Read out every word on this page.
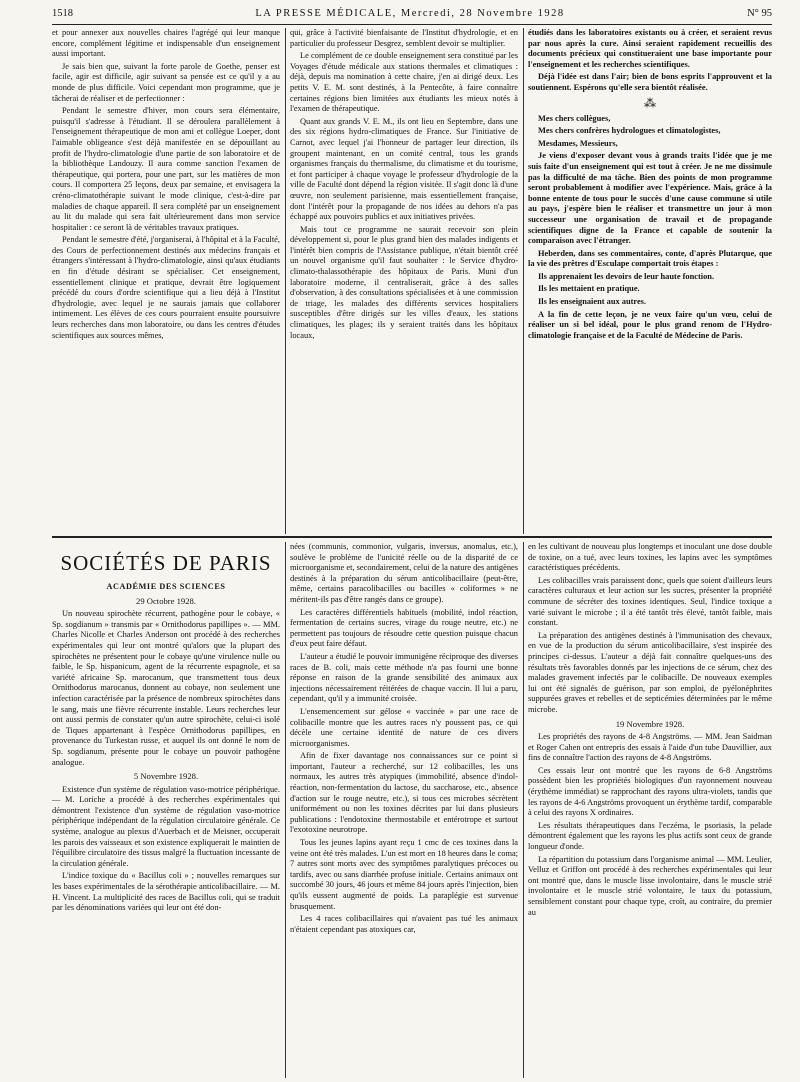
1518	LA PRESSE MÉDICALE, Mercredi, 28 Novembre 1928	N° 95

et pour annexer aux nouvelles chaires l'agrégé qui leur manque encore, complément légitime et indispensable d'un enseignement aussi important.

Je sais bien que, suivant la forte parole de Goethe, penser est facile, agir est difficile, agir suivant sa pensée est ce qu'il y a au monde de plus difficile. Voici cependant mon programme, que je tâcherai de réaliser et de perfectionner :

Pendant le semestre d'hiver, mon cours sera élémentaire, puisqu'il s'adresse à l'étudiant. Il se déroulera parallèlement à l'enseignement thérapeutique de mon ami et collègue Loeper, dont l'aimable obligeance s'est déjà manifestée en se dépouillant au profit de l'hydro-climatologie d'une partie de son laboratoire et de la bibliothèque Landouzy. Il aura comme sanction l'examen de thérapeutique, qui portera, pour une part, sur les matières de mon cours. Il comportera 25 leçons, deux par semaine, et envisagera la créno-climatothérapie suivant le mode clinique, c'est-à-dire par maladies de chaque appareil. Il sera complété par un enseignement au lit du malade qui sera fait ultérieurement dans mon service hospitalier : ce seront là de véritables travaux pratiques.

Pendant le semestre d'été, j'organiserai, à l'hôpital et à la Faculté, des Cours de perfectionnement destinés aux médecins français et étrangers s'intéressant à l'hydro-climatologie, ainsi qu'aux étudiants en fin d'étude désirant se spécialiser. Cet enseignement, essentiellement clinique et pratique, devrait être logiquement précédé du cours d'ordre scientifique qui a lieu déjà à l'Institut d'hydrologie, avec lequel je ne saurais jamais que collaborer intimement. Les élèves de ces cours pourraient ensuite poursuivre leurs recherches dans mon laboratoire, ou dans les centres d'études scientifiques aux sources mêmes,

qui, grâce à l'activité bienfaisante de l'Institut d'hydrologie, et en particulier du professeur Desgrez, semblent devoir se multiplier.

Le complément de ce double enseignement sera constitué par les Voyages d'étude médicale aux stations thermales et climatiques : déjà, depuis ma nomination à cette chaire, j'en ai dirigé deux. Les petits V. E. M. sont destinés, à la Pentecôte, à faire connaître certaines régions bien limitées aux étudiants les mieux notés à l'examen de thérapeutique.

Quant aux grands V. E. M., ils ont lieu en Septembre, dans une des six régions hydro-climatiques de France. Sur l'initiative de Carnot, avec lequel j'ai l'honneur de partager leur direction, ils groupent maintenant, en un comité central, tous les grands organismes français du thermalisme, du climatisme et du tourisme, et font participer à chaque voyage le professeur d'hydrologie de la ville de Faculté dont dépend la région visitée. Il s'agit donc là d'une œuvre, non seulement parisienne, mais essentiellement française, dont l'intérêt pour la propagande de nos idées au dehors n'a pas échappé aux pouvoirs publics et aux initiatives privées.

Mais tout ce programme ne saurait recevoir son plein développement si, pour le plus grand bien des malades indigents et l'intérêt bien compris de l'Assistance publique, n'était bientôt créé un nouvel organisme qu'il faut souhaiter : le Service d'hydro-climato-thalassothérapie des hôpitaux de Paris. Muni d'un laboratoire moderne, il centraliserait, grâce à des salles d'observation, à des consultations spécialisées et à une commission de triage, les malades des différents services hospitaliers susceptibles d'être dirigés sur les villes d'eaux, les stations climatiques, les plages; ils y seraient traités dans les hôpitaux locaux,

étudiés dans les laboratoires existants ou à créer, et seraient revus par nous après la cure. Ainsi seraient rapidement recueillis des documents précieux qui constitueraient une base importante pour l'enseignement et les recherches scientifiques.

Déjà l'idée est dans l'air; bien de bons esprits l'approuvent et la soutiennent. Espérons qu'elle sera bientôt réalisée.

⁂

Mes chers collègues,

Mes chers confrères hydrologues et climatologistes,

Mesdames, Messieurs,

Je viens d'exposer devant vous à grands traits l'idée que je me suis faite d'un enseignement qui est tout à créer. Je ne me dissimule pas la difficulté de ma tâche. Bien des points de mon programme seront probablement à modifier avec l'expérience. Mais, grâce à la bonne entente de tous pour le succès d'une cause commune si utile au pays, j'espère bien le réaliser et transmettre un jour à mon successeur une organisation de travail et de propagande scientifiques digne de la France et capable de soutenir la comparaison avec l'étranger.

Heberden, dans ses commentaires, conte, d'après Plutarque, que la vie des prêtres d'Esculape comportait trois étapes :

Ils apprenaient les devoirs de leur haute fonction.

Ils les mettaient en pratique.

Ils les enseignaient aux autres.

A la fin de cette leçon, je ne veux faire qu'un vœu, celui de réaliser un si bel idéal, pour le plus grand renom de l'Hydro-climatologie française et de la Faculté de Médecine de Paris.

SOCIÉTÉS DE PARIS
ACADÉMIE DES SCIENCES
29 Octobre 1928.

Un nouveau spirochète récurrent, pathogène pour le cobaye, « Sp. sogdianum » transmis par « Ornithodorus papillipes ». — MM. Charles Nicolle et Charles Anderson ont procédé à des recherches expérimentales qui leur ont montré qu'alors que la plupart des spirochètes ne présentent pour le cobaye qu'une virulence nulle ou faible, le Sp. hispanicum, agent de la récurrente espagnole, et sa variété africaine Sp. marocanum, que transmettent tous deux Ornithodorus marocanus, donnent au cobaye, non seulement une infection caractérisée par la présence de nombreux spirochètes dans le sang, mais une fièvre récurrente instable. Leurs recherches leur ont aussi permis de constater qu'un autre spirochète, celui-ci isolé de Tiques appartenant à l'espèce Ornithodorus papillipes, en provenance du Turkestan russe, et auquel ils ont donné le nom de Sp. sogdianum, présente pour le cobaye un pouvoir pathogène analogue.

5 Novembre 1928.

Existence d'un système de régulation vaso-motrice périphérique. — M. Loriche a procédé à des recherches expérimentales qui démontrent l'existence d'un système de régulation vaso-motrice périphérique indépendant de la régulation circulatoire générale. Ce système, analogue au plexus d'Auerbach et de Meisner, occuperait les parois des vaisseaux et son existence expliquerait le maintien de l'équilibre circulatoire des tissus malgré la fluctuation incessante de la circulation générale.

L'indice toxique du « Bacillus coli » ; nouvelles remarques sur les bases expérimentales de la sérothérapie anticolibacillaire. — M. H. Vincent. La multiplicité des races de Bacillus coli, qui se traduit par les dénominations variées qui leur ont été don-

nées (communis, commonior, vulgaris, inversus, anomalus, etc.), soulève le problème de l'unicité réelle ou de la disparité de ce microorganisme et, secondairement, celui de la nature des antigènes destinés à la préparation du sérum anticolibacillaire (peut-être, même, certains paracolibacilles ou bacilles « coliformes » ne méritent-ils pas d'être rangés dans ce groupe).

Les caractères différentiels habituels (mobilité, indol réaction, fermentation de certains sucres, virage du rouge neutre, etc.) ne permettent pas toujours de résoudre cette question puisque chacun d'eux peut faire défaut.

L'auteur a étudié le pouvoir immunigène réciproque des diverses races de B. coli, mais cette méthode n'a pas fourni une bonne réponse en raison de la grande sensibilité des animaux aux injections nécessairement réitérées de chaque vaccin. Il lui a paru, cependant, qu'il y a immunité croisée.

L'ensemencement sur gélose « vaccinée » par une race de colibacille montre que les autres races n'y poussent pas, ce qui décèle une certaine identité de nature de ces divers microorganismes.

Afin de fixer davantage nos connaissances sur ce point si important, l'auteur a recherché, sur 12 colibacilles, les uns normaux, les autres très atypiques (immobilité, absence d'indol-réaction, non-fermentation du lactose, du saccharose, etc., absence d'action sur le rouge neutre, etc.), si tous ces microbes sécrètent uniformément ou non les toxines décrites par lui dans plusieurs publications : l'endotoxine thermostabile et entérotrope et surtout l'exotoxine neurotrope.

Tous les jeunes lapins ayant reçu 1 cmc de ces toxines dans la veine ont été très malades. L'un est mort en 18 heures dans le coma; 7 autres sont morts avec des symptômes paralytiques précoces ou tardifs, avec ou sans diarrhée profuse initiale. Certains animaux ont succombé 30 jours, 46 jours et même 84 jours après l'injection, bien qu'ils eussent augmenté de poids. La paraplégie est survenue brusquement.

Les 4 races colibacillaires qui n'avaient pas tué les animaux n'étaient cependant pas atoxiques car,

en les cultivant de nouveau plus longtemps et inoculant une dose double de toxine, on a tué, avec leurs toxines, les lapins avec les symptômes caractéristiques précédents.

Les colibacilles vrais paraissent donc, quels que soient d'ailleurs leurs caractères culturaux et leur action sur les sucres, présenter la propriété commune de sécréter des toxines identiques. Seul, l'indice toxique a varié suivant le microbe ; il a été tantôt très élevé, tantôt faible, mais constant.

La préparation des antigènes destinés à l'immunisation des chevaux, en vue de la production du sérum anticolibacillaire, s'est inspirée des principes ci-dessus. L'auteur a déjà fait connaître quelques-uns des résultats très favorables donnés par les injections de ce sérum, chez des malades gravement infectés par le colibacille. De nouveaux exemples lui ont été signalés de guérison, par son emploi, de pyélonéphrites suppurées graves et rebelles et de septicémies déterminées par le même microbe.

19 Novembre 1928.

Les propriétés des rayons de 4-8 Angströms. — MM. Jean Saidman et Roger Cahen ont entrepris des essais à l'aide d'un tube Dauvillier, aux fins de connaître l'action des rayons de 4-8 Angströms.

Ces essais leur ont montré que les rayons de 6-8 Angströms possèdent bien les propriétés biologiques d'un rayonnement nouveau (érythème immédiat) se rapprochant des rayons ultra-violets, tandis que les rayons de 4-6 Angströms provoquent un érythème tardif, comparable à celui des rayons X ordinaires.

Les résultats thérapeutiques dans l'eczéma, le psoriasis, la pelade démontrent également que les rayons les plus actifs sont ceux de grande longueur d'onde.

La répartition du potassium dans l'organisme animal — MM. Leulier, Velluz et Griffon ont procédé à des recherches expérimentales qui leur ont montré que, dans le muscle lisse involontaire, dans le muscle strié involontaire et le muscle strié volontaire, le taux du potassium, sensiblement constant pour chaque type, croît, au contraire, du premier au
